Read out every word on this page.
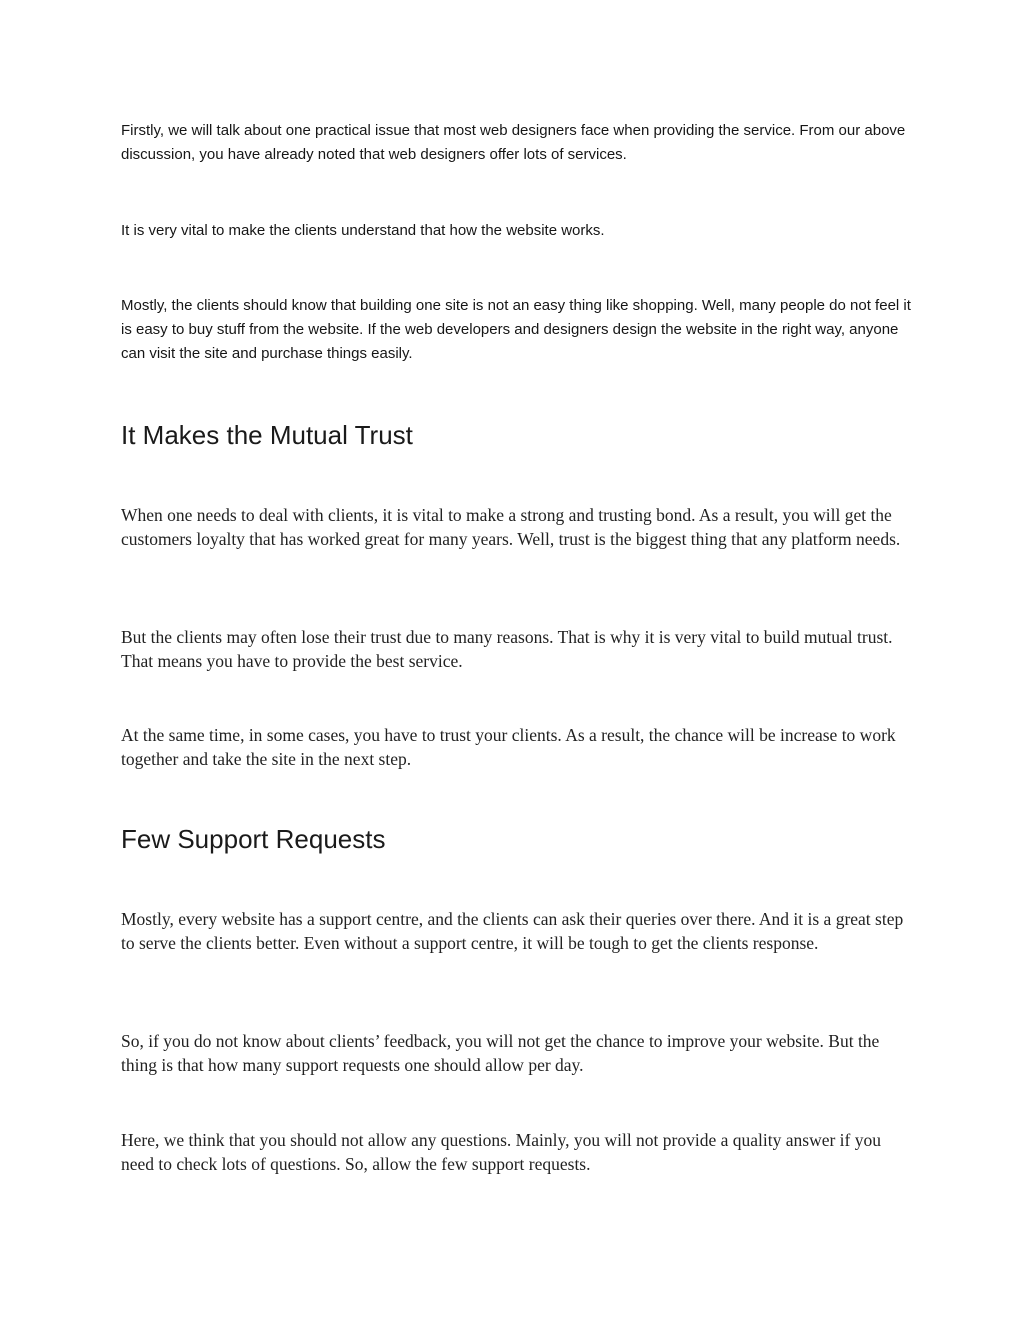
Firstly, we will talk about one practical issue that most web designers face when providing the service. From our above discussion, you have already noted that web designers offer lots of services.

It is very vital to make the clients understand that how the website works.

Mostly, the clients should know that building one site is not an easy thing like shopping. Well, many people do not feel it is easy to buy stuff from the website. If the web developers and designers design the website in the right way, anyone can visit the site and purchase things easily.

It Makes the Mutual Trust

When one needs to deal with clients, it is vital to make a strong and trusting bond. As a result, you will get the customers loyalty that has worked great for many years. Well, trust is the biggest thing that any platform needs.

But the clients may often lose their trust due to many reasons. That is why it is very vital to build mutual trust. That means you have to provide the best service.

At the same time, in some cases, you have to trust your clients. As a result, the chance will be increase to work together and take the site in the next step.

Few Support Requests

Mostly, every website has a support centre, and the clients can ask their queries over there. And it is a great step to serve the clients better. Even without a support centre, it will be tough to get the clients response.

So, if you do not know about clients’ feedback, you will not get the chance to improve your website. But the thing is that how many support requests one should allow per day.

Here, we think that you should not allow any questions. Mainly, you will not provide a quality answer if you need to check lots of questions. So, allow the few support requests.
